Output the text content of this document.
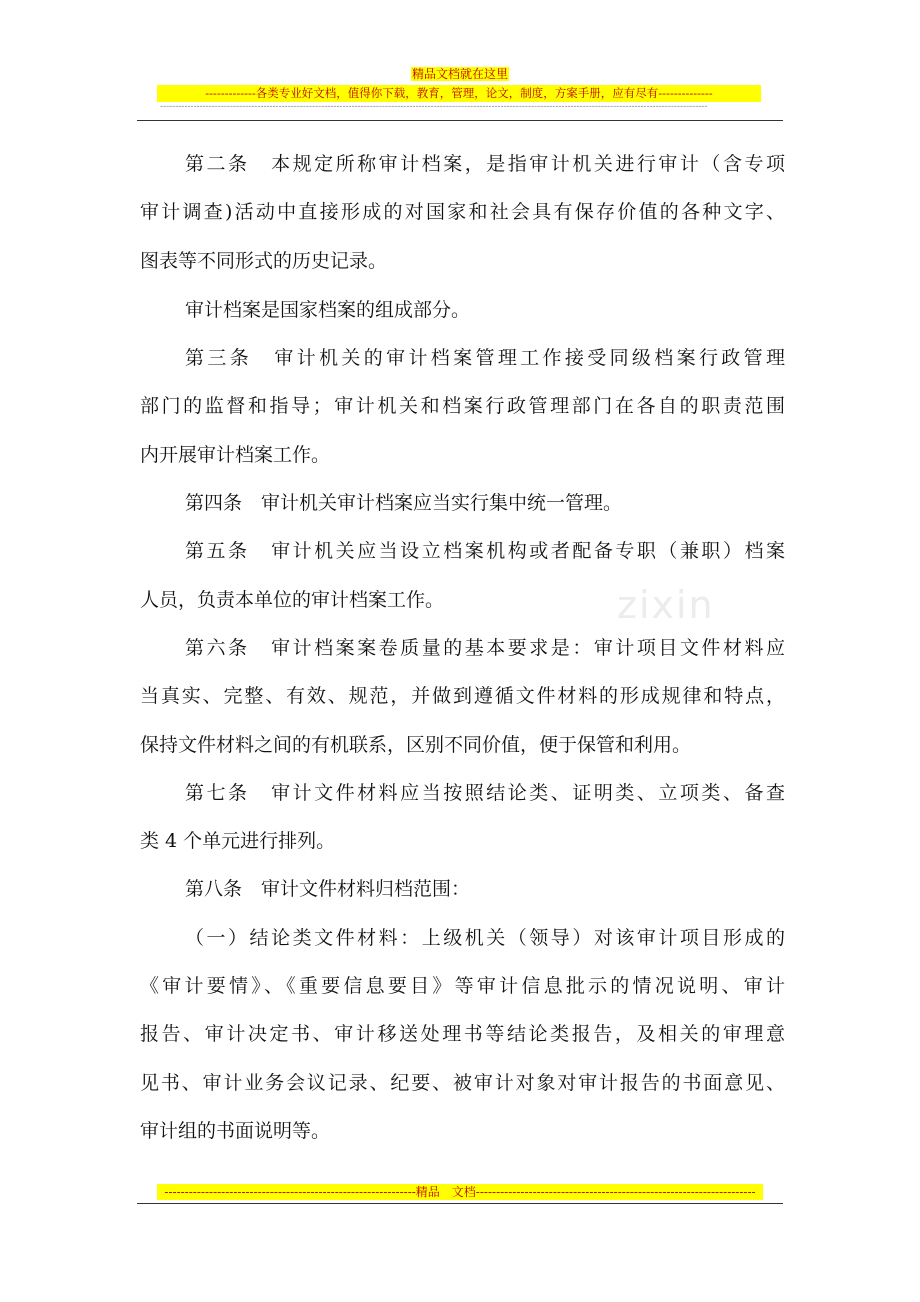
精品文档就在这里
-------------各类专业好文档，值得你下载，教育，管理，论文，制度，方案手册，应有尽有--------------
------------------------------------------------------------------------------------------------------------------------------------------------------------------------------------
zixin
第二条　本规定所称审计档案，是指审计机关进行审计（含专项
审计调查)活动中直接形成的对国家和社会具有保存价值的各种文字、
图表等不同形式的历史记录。
审计档案是国家档案的组成部分。
第三条　审计机关的审计档案管理工作接受同级档案行政管理
部门的监督和指导；审计机关和档案行政管理部门在各自的职责范围
内开展审计档案工作。
第四条　审计机关审计档案应当实行集中统一管理。
第五条　审计机关应当设立档案机构或者配备专职（兼职）档案
人员，负责本单位的审计档案工作。
第六条　审计档案案卷质量的基本要求是：审计项目文件材料应
当真实、完整、有效、规范，并做到遵循文件材料的形成规律和特点，
保持文件材料之间的有机联系，区别不同价值，便于保管和利用。
第七条　审计文件材料应当按照结论类、证明类、立项类、备查
类 4 个单元进行排列。
第八条　审计文件材料归档范围：
（一）结论类文件材料：上级机关（领导）对该审计项目形成的
《审计要情》、《重要信息要目》等审计信息批示的情况说明、审计
报告、审计决定书、审计移送处理书等结论类报告，及相关的审理意
见书、审计业务会议记录、纪要、被审计对象对审计报告的书面意见、
审计组的书面说明等。
--------------------------------------------------------------精品　文档---------------------------------------------------------------------
